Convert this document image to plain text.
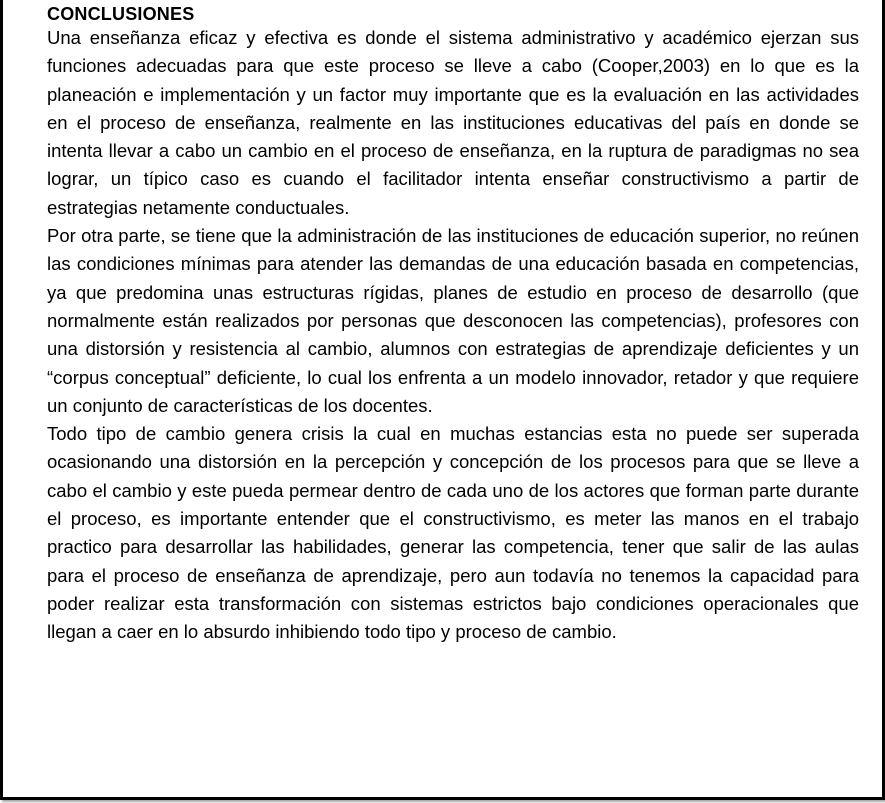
CONCLUSIONES

Una enseñanza eficaz y efectiva es donde el sistema administrativo y académico ejerzan sus funciones adecuadas para que este proceso se lleve a cabo (Cooper,2003) en lo que es la planeación e implementación y un factor muy importante que es la evaluación en las actividades en el proceso de enseñanza, realmente en las instituciones educativas del país en donde se intenta llevar a cabo un cambio en el proceso de enseñanza, en la ruptura de paradigmas no sea lograr, un típico caso es cuando el facilitador intenta enseñar constructivismo a partir de estrategias netamente conductuales.

Por otra parte, se tiene que la administración de las instituciones de educación superior, no reúnen las condiciones mínimas para atender las demandas de una educación basada en competencias, ya que predomina unas estructuras rígidas, planes de estudio en proceso de desarrollo (que normalmente están realizados por personas que desconocen las competencias), profesores con una distorsión y resistencia al cambio, alumnos con estrategias de aprendizaje deficientes y un “corpus conceptual” deficiente, lo cual los enfrenta a un modelo innovador, retador y que requiere un conjunto de características de los docentes.

Todo tipo de cambio genera crisis la cual en muchas estancias esta no puede ser superada ocasionando una distorsión en la percepción y concepción de los procesos para que se lleve a cabo el cambio y este pueda permear dentro de cada uno de los actores que forman parte durante el proceso, es importante entender que el constructivismo, es meter las manos en el trabajo practico para desarrollar las habilidades, generar las competencia, tener que salir de las aulas para el proceso de enseñanza de aprendizaje, pero aun todavía no tenemos la capacidad para poder realizar esta transformación con sistemas estrictos bajo condiciones operacionales que llegan a caer en lo absurdo inhibiendo todo tipo y proceso de cambio.
